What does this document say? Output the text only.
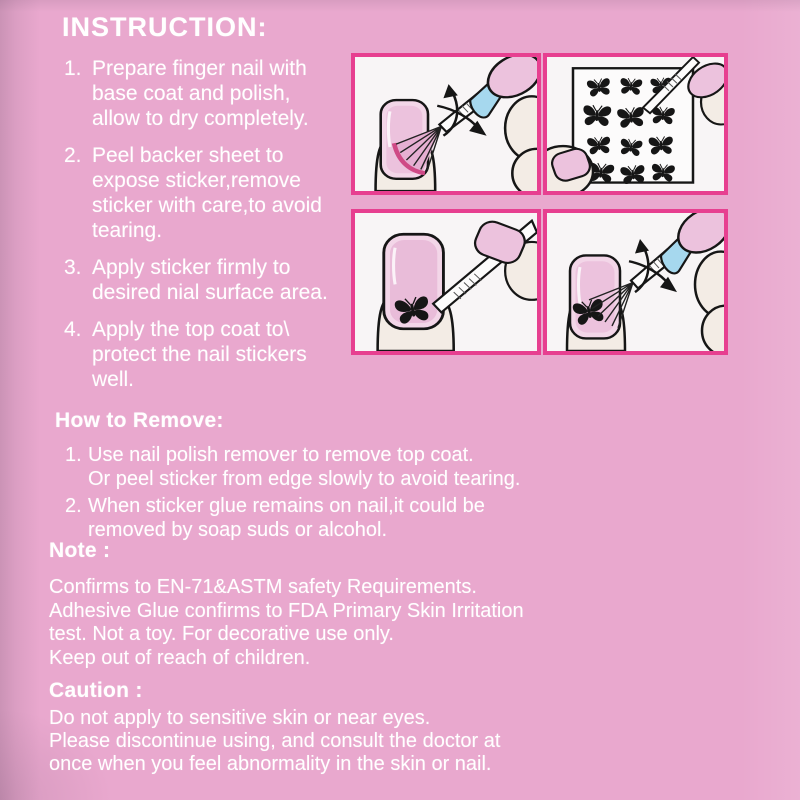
INSTRUCTION:
1. Prepare finger nail with
base coat and polish,
allow to dry completely.
2. Peel backer sheet to
expose sticker,remove
sticker with care,to avoid
tearing.
3. Apply sticker firmly to
desired nial surface area.
4. Apply the top coat to\
protect the nail stickers
well.
How to Remove:
1. Use nail polish remover to remove top coat.
Or peel sticker from edge slowly to avoid tearing.
2. When sticker glue remains on nail,it could be
removed by soap suds or alcohol.
Note :
Confirms to EN-71&ASTM safety Requirements.
Adhesive Glue confirms to FDA Primary Skin Irritation
test. Not a toy. For decorative use only.
Keep out of reach of children.
Caution :
Do not apply to sensitive skin or near eyes.
Please discontinue using, and consult the doctor at
once when you feel abnormality in the skin or nail.
